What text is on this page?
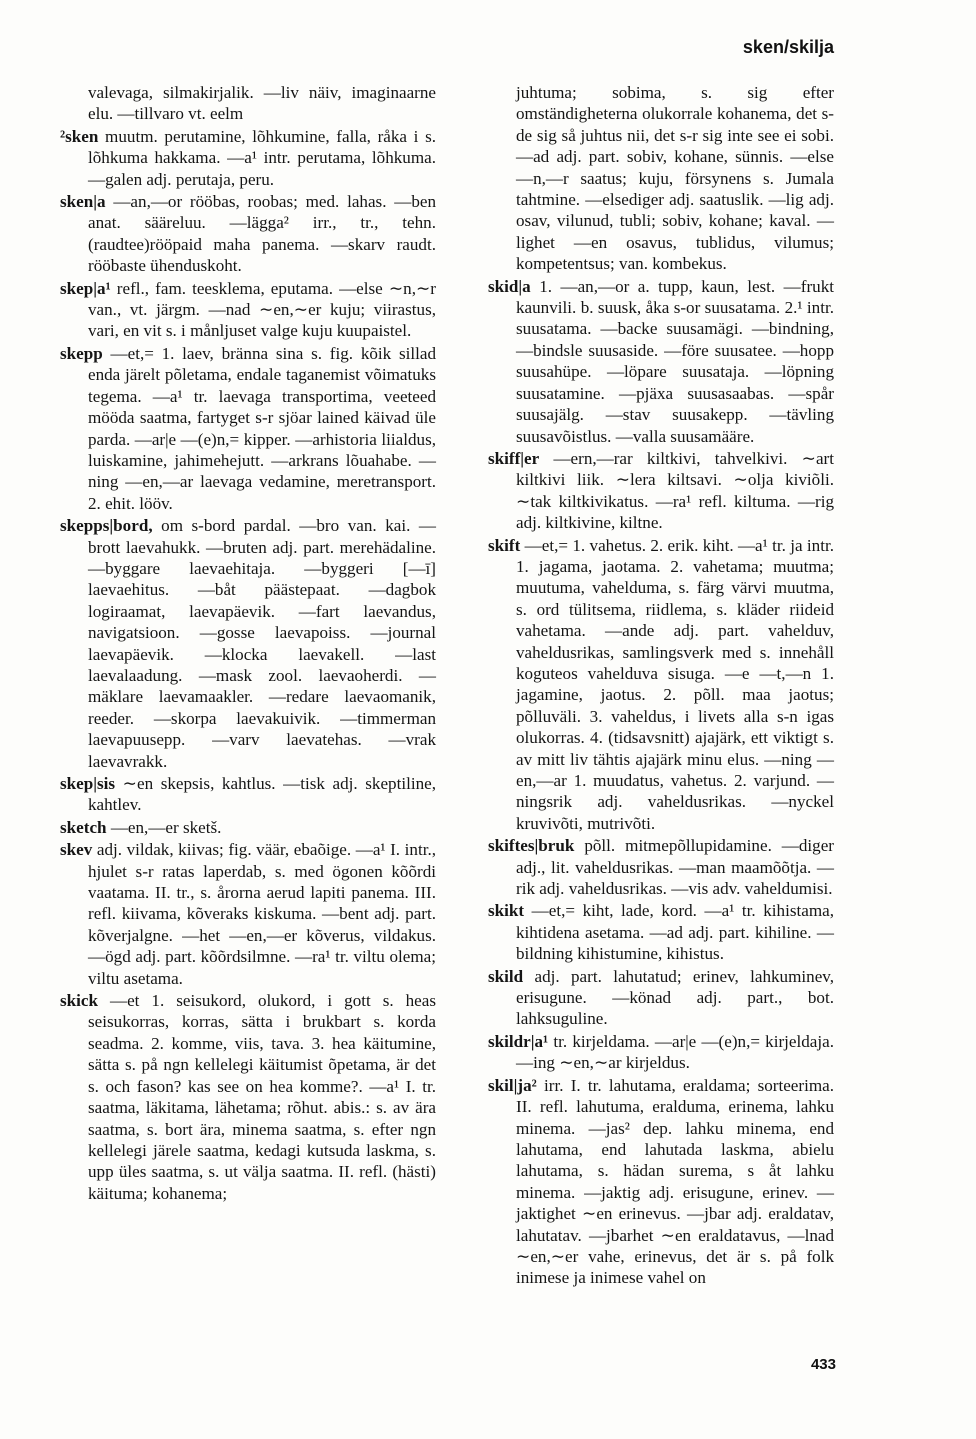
sken/skilja

valevaga, silmakirjalik. —liv näiv, imaginaarne elu. —tillvaro vt. eelm

²sken muutm. perutamine, lõhkumine, falla, råka i s. lõhkuma hakkama. —a¹ intr. perutama, lõhkuma. —galen adj. perutaja, peru.

sken|a —an,—or rööbas, roobas; med. lahas. —ben anat. sääreluu. —lägga² irr., tr., tehn. (raudtee)rööpaid maha panema. —skarv raudt. rööbaste ühenduskoht.

skep|a¹ refl., fam. teesklema, eputama. —else ∼n,∼r van., vt. järgm. —nad ∼en,∼er kuju; viirastus, vari, en vit s. i månljuset valge kuju kuupaistel.

skepp —et,= 1. laev, bränna sina s. fig. kõik sillad enda järelt põletama, endale taganemist võimatuks tegema. —a¹ tr. laevaga transportima, veeteed mööda saatma, fartyget s-r sjöar lained käivad üle parda. —ar|e —(e)n,= kipper. —arhistoria liialdus, luiskamine, jahimehejutt. —arkrans lõuahabe. —ning —en,—ar laevaga vedamine, meretransport. 2. ehit. lööv.

skepps|bord, om s-bord pardal. —bro van. kai. —brott laevahukk. —bruten adj. part. merehädaline. —byggare laevaehitaja. —byggeri [—ī] laevaehitus. —båt päästepaat. —dagbok logiraamat, laevapäevik. —fart laevandus, navigatsioon. —gosse laevapoiss. —journal laevapäevik. —klocka laevakell. —last laevalaadung. —mask zool. laevaoherdi. —mäklare laevamaakler. —redare laevaomanik, reeder. —skorpa laevakuivik. —timmerman laevapuusepp. —varv laevatehas. —vrak laevavrakk.

skep|sis ∼en skepsis, kahtlus. —tisk adj. skeptiline, kahtlev.

sketch —en,—er sketš.

skev adj. vildak, kiivas; fig. väär, ebaõige. —a¹ I. intr., hjulet s-r ratas laperdab, s. med ögonen kõõrdi vaatama. II. tr., s. årorna aerud lapiti panema. III. refl. kiivama, kõveraks kiskuma. —bent adj. part. kõverjalgne. —het —en,—er kõverus, vildakus. —ögd adj. part. kõõrdsilmne. —ra¹ tr. viltu olema; viltu asetama.

skick —et 1. seisukord, olukord, i gott s. heas seisukorras, korras, sätta i brukbart s. korda seadma. 2. komme, viis, tava. 3. hea käitumine, sätta s. på ngn kellelegi käitumist õpetama, är det s. och fason? kas see on hea komme?. —a¹ I. tr. saatma, läkitama, lähetama; rõhut. abis.: s. av ära saatma, s. bort ära, minema saatma, s. efter ngn kellelegi järele saatma, kedagi kutsuda laskma, s. upp üles saatma, s. ut välja saatma. II. refl. (hästi) käituma; kohanema;

juhtuma; sobima, s. sig efter omständigheterna olukorrale kohanema, det s-de sig så juhtus nii, det s-r sig inte see ei sobi. —ad adj. part. sobiv, kohane, sünnis. —else —n,—r saatus; kuju, försynens s. Jumala tahtmine. —elsediger adj. saatuslik. —lig adj. osav, vilunud, tubli; sobiv, kohane; kaval. —lighet —en osavus, tublidus, vilumus; kompetentsus; van. kombekus.

skid|a 1. —an,—or a. tupp, kaun, lest. —frukt kaunvili. b. suusk, åka s-or suusatama. 2.¹ intr. suusatama. —backe suusamägi. —bindning, —bindsle suusaside. —före suusatee. —hopp suusahüpe. —löpare suusataja. —löpning suusatamine. —pjäxa suusasaabas. —spår suusajälg. —stav suusakepp. —tävling suusavõistlus. —valla suusamääre.

skiff|er —ern,—rar kiltkivi, tahvelkivi. ∼art kiltkivi liik. ∼lera kiltsavi. ∼olja kiviõli. ∼tak kiltkivikatus. —ra¹ refl. kiltuma. —rig adj. kiltkivine, kiltne.

skift —et,= 1. vahetus. 2. erik. kiht. —a¹ tr. ja intr. 1. jagama, jaotama. 2. vahetama; muutma; muutuma, vahelduma, s. färg värvi muutma, s. ord tülitsema, riidlema, s. kläder riideid vahetama. —ande adj. part. vahelduv, vaheldusrikas, samlingsverk med s. innehåll koguteos vahelduva sisuga. —e —t,—n 1. jagamine, jaotus. 2. põll. maa jaotus; põlluväli. 3. vaheldus, i livets alla s-n igas olukorras. 4. (tidsavsnitt) ajajärk, ett viktigt s. av mitt liv tähtis ajajärk minu elus. —ning —en,—ar 1. muudatus, vahetus. 2. varjund. —ningsrik adj. vaheldusrikas. —nyckel kruvivõti, mutrivõti.

skiftes|bruk põll. mitmepõllupidamine. —diger adj., lit. vaheldusrikas. —man maamõõtja. —rik adj. vaheldusrikas. —vis adv. vaheldumisi.

skikt —et,= kiht, lade, kord. —a¹ tr. kihistama, kihtidena asetama. —ad adj. part. kihiline. —bildning kihistumine, kihistus.

skild adj. part. lahutatud; erinev, lahkuminev, erisugune. —könad adj. part., bot. lahksuguline.

skildr|a¹ tr. kirjeldama. —ar|e —(e)n,= kirjeldaja. —ing ∼en,∼ar kirjeldus.

skil|ja² irr. I. tr. lahutama, eraldama; sorteerima. II. refl. lahutuma, eralduma, erinema, lahku minema. —jas² dep. lahku minema, end lahutama, end lahutada laskma, abielu lahutama, s. hädan surema, s åt lahku minema. —jaktig adj. erisugune, erinev. —jaktighet ∼en erinevus. —jbar adj. eraldatav, lahutatav. —jbarhet ∼en eraldatavus, —lnad ∼en,∼er vahe, erinevus, det är s. på folk inimese ja inimese vahel on

433
